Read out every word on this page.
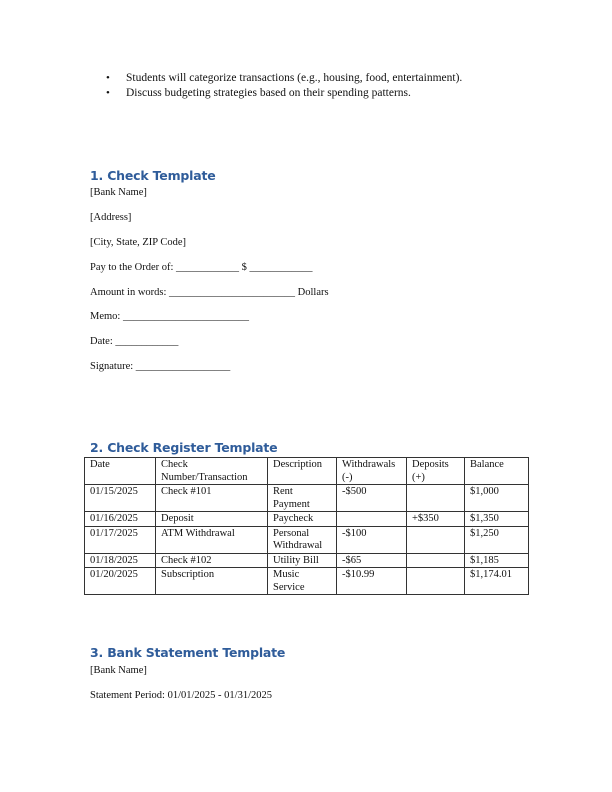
• Students will categorize transactions (e.g., housing, food, entertainment).
• Discuss budgeting strategies based on their spending patterns.
1. Check Template
[Bank Name]
[Address]
[City, State, ZIP Code]
Pay to the Order of: ____________ $ ____________
Amount in words: ________________________ Dollars
Memo: ________________________
Date: ____________
Signature: __________________
2. Check Register Template
Date	Check Number/Transaction	Description	Withdrawals (-)	Deposits (+)	Balance
01/15/2025	Check #101	Rent Payment	-$500		$1,000
01/16/2025	Deposit	Paycheck		+$350	$1,350
01/17/2025	ATM Withdrawal	Personal Withdrawal	-$100		$1,250
01/18/2025	Check #102	Utility Bill	-$65		$1,185
01/20/2025	Subscription	Music Service	-$10.99		$1,174.01
3. Bank Statement Template
[Bank Name]
Statement Period: 01/01/2025 - 01/31/2025
